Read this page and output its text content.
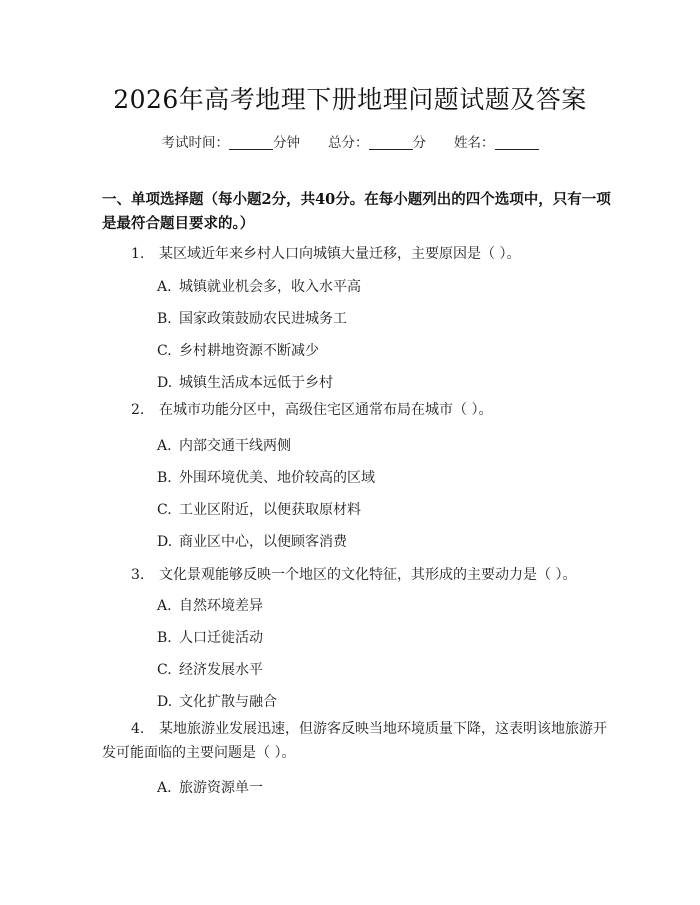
2026年高考地理下册地理问题试题及答案
考试时间：	分钟 总分：	分 姓名：
一、单项选择题（每小题2分，共40分。在每小题列出的四个选项中，只有一项是最符合题目要求的。）
1. 某区域近年来乡村人口向城镇大量迁移，主要原因是（ ）。
A. 城镇就业机会多，收入水平高
B. 国家政策鼓励农民进城务工
C. 乡村耕地资源不断减少
D. 城镇生活成本远低于乡村
2. 在城市功能分区中，高级住宅区通常布局在城市（ ）。
A. 内部交通干线两侧
B. 外围环境优美、地价较高的区域
C. 工业区附近，以便获取原材料
D. 商业区中心，以便顾客消费
3. 文化景观能够反映一个地区的文化特征，其形成的主要动力是（ ）。
A. 自然环境差异
B. 人口迁徙活动
C. 经济发展水平
D. 文化扩散与融合
4. 某地旅游业发展迅速，但游客反映当地环境质量下降，这表明该地旅游开
发可能面临的主要问题是（ ）。
A. 旅游资源单一
